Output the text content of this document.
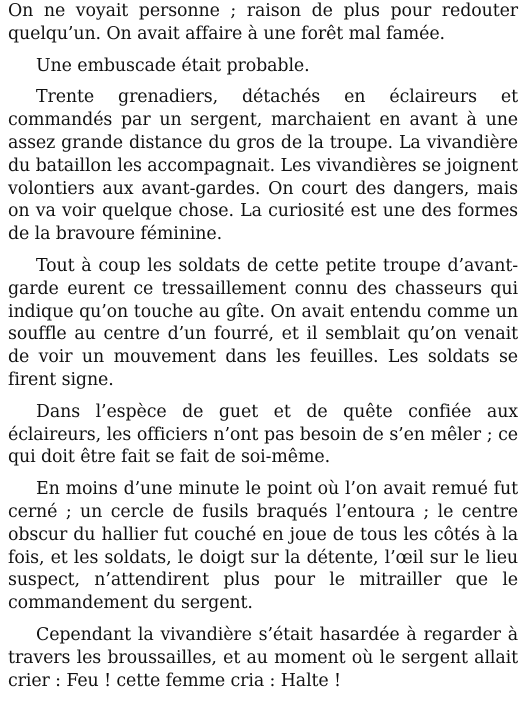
On ne voyait personne ; raison de plus pour redouter quelqu’un. On avait affaire à une forêt mal famée.

Une embuscade était probable.

Trente grenadiers, détachés en éclaireurs et commandés par un sergent, marchaient en avant à une assez grande distance du gros de la troupe. La vivandière du bataillon les accompagnait. Les vivandières se joignent volontiers aux avant-gardes. On court des dangers, mais on va voir quelque chose. La curiosité est une des formes de la bravoure féminine.

Tout à coup les soldats de cette petite troupe d’avant-garde eurent ce tressaillement connu des chasseurs qui indique qu’on touche au gîte. On avait entendu comme un souffle au centre d’un fourré, et il semblait qu’on venait de voir un mouvement dans les feuilles. Les soldats se firent signe.

Dans l’espèce de guet et de quête confiée aux éclaireurs, les officiers n’ont pas besoin de s’en mêler ; ce qui doit être fait se fait de soi-même.

En moins d’une minute le point où l’on avait remué fut cerné ; un cercle de fusils braqués l’entoura ; le centre obscur du hallier fut couché en joue de tous les côtés à la fois, et les soldats, le doigt sur la détente, l’œil sur le lieu suspect, n’attendirent plus pour le mitrailler que le commandement du sergent.

Cependant la vivandière s’était hasardée à regarder à travers les broussailles, et au moment où le sergent allait crier : Feu ! cette femme cria : Halte !
